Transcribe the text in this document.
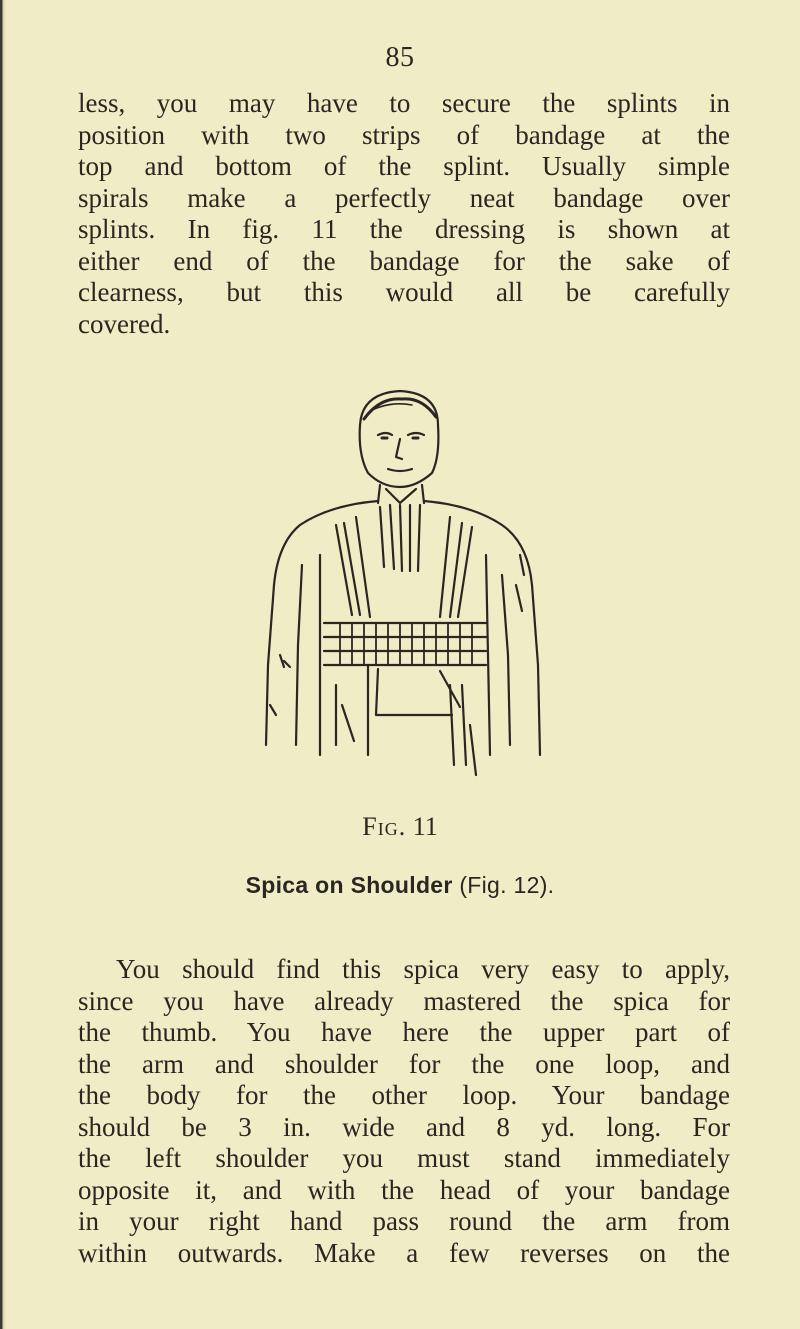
85
less, you may have to secure the splints in
position with two strips of bandage at the
top and bottom of the splint. Usually simple
spirals make a perfectly neat bandage over
splints. In fig. 11 the dressing is shown at
either end of the bandage for the sake of
clearness, but this would all be carefully
covered.
Fig. 11
Spica on Shoulder (Fig. 12).
You should find this spica very easy to apply,
since you have already mastered the spica for
the thumb. You have here the upper part of
the arm and shoulder for the one loop, and
the body for the other loop. Your bandage
should be 3 in. wide and 8 yd. long. For
the left shoulder you must stand immediately
opposite it, and with the head of your bandage
in your right hand pass round the arm from
within outwards. Make a few reverses on the
